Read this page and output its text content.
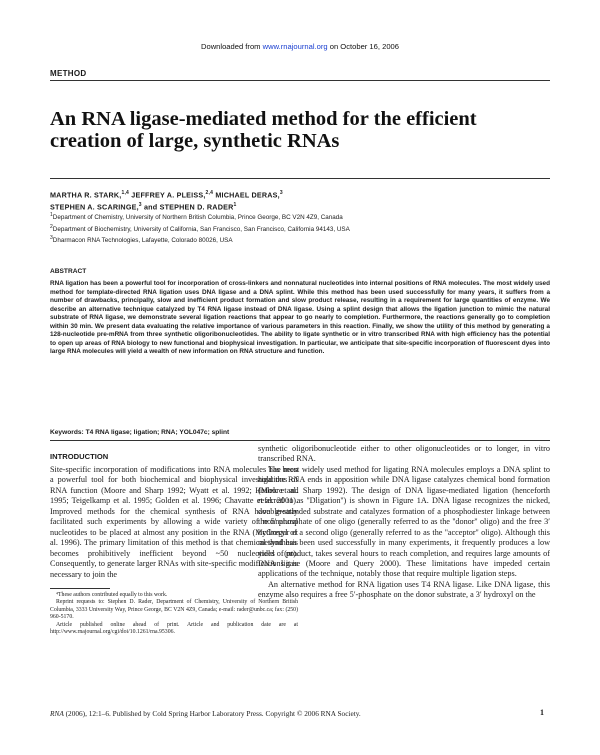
Downloaded from www.rnajournal.org on October 16, 2006
METHOD
An RNA ligase-mediated method for the efficient
creation of large, synthetic RNAs
MARTHA R. STARK,$^{1,4}$ JEFFREY A. PLEISS,$^{2,4}$ MICHAEL DERAS,$^3$
STEPHEN A. SCARINGE,$^3$ and STEPHEN D. RADER$^1$
$^1$Department of Chemistry, University of Northern British Columbia, Prince George, BC V2N 4Z9, Canada
$^2$Department of Biochemistry, University of California, San Francisco, San Francisco, California 94143, USA
$^3$Dharmacon RNA Technologies, Lafayette, Colorado 80026, USA
ABSTRACT
RNA ligation has been a powerful tool for incorporation of cross-linkers and nonnatural nucleotides into internal positions of RNA molecules. The most widely used method for template-directed RNA ligation uses DNA ligase and a DNA splint. While this method has been used successfully for many years, it suffers from a number of drawbacks, principally, slow and inefficient product formation and slow product release, resulting in a requirement for large quantities of enzyme. We describe an alternative technique catalyzed by T4 RNA ligase instead of DNA ligase. Using a splint design that allows the ligation junction to mimic the natural substrate of RNA ligase, we demonstrate several ligation reactions that appear to go nearly to completion. Furthermore, the reactions generally go to completion within 30 min. We present data evaluating the relative importance of various parameters in this reaction. Finally, we show the utility of this method by generating a 128-nucleotide pre-mRNA from three synthetic oligoribonucleotides. The ability to ligate synthetic or in vitro transcribed RNA with high efficiency has the potential to open up areas of RNA biology to new functional and biophysical investigation. In particular, we anticipate that site-specific incorporation of fluorescent dyes into large RNA molecules will yield a wealth of new information on RNA structure and function.
Keywords: T4 RNA ligase; ligation; RNA; YOL047c; splint
INTRODUCTION

Site-specific incorporation of modifications into RNA molecules has been a powerful tool for both biochemical and biophysical investigations of RNA function (Moore and Sharp 1992; Wyatt et al. 1992; Heilek et al. 1995; Teigelkamp et al. 1995; Golden et al. 1996; Chavatte et al. 2001). Improved methods for the chemical synthesis of RNA have greatly facilitated such experiments by allowing a wide variety of nonnatural nucleotides to be placed at almost any position in the RNA (McGregor et al. 1996). The primary limitation of this method is that chemical synthesis becomes prohibitively inefficient beyond ~50 nucleotides (nt). Consequently, to generate larger RNAs with site-specific modifications it is necessary to join the

synthetic oligoribonucleotide either to other oligonucleotides or to longer, in vitro transcribed RNA.

The most widely used method for ligating RNA molecules employs a DNA splint to hold the RNA ends in apposition while DNA ligase catalyzes chemical bond formation (Moore and Sharp 1992). The design of DNA ligase-mediated ligation (henceforth referred to as ''Dligation'') is shown in Figure 1A. DNA ligase recognizes the nicked, double-stranded substrate and catalyzes formation of a phosphodiester linkage between the 5′ phosphate of one oligo (generally referred to as the ''donor'' oligo) and the free 3′ hydroxyl of a second oligo (generally referred to as the ''acceptor'' oligo). Although this method has been used successfully in many experiments, it frequently produces a low yield of product, takes several hours to reach completion, and requires large amounts of DNA ligase (Moore and Query 2000). These limitations have impeded certain applications of the technique, notably those that require multiple ligation steps.

An alternative method for RNA ligation uses T4 RNA ligase. Like DNA ligase, this enzyme also requires a free 5′-phosphate on the donor substrate, a 3′ hydroxyl on the

⁴These authors contributed equally to this work.

Reprint requests to: Stephen D. Rader, Department of Chemistry, University of Northern British Columbia, 3333 University Way, Prince George, BC V2N 4Z9, Canada; e-mail: rader@unbc.ca; fax: (250) 960-5170.

Article published online ahead of print. Article and publication date are at http://www.rnajournal.org/cgi/doi/10.1261/rna.95306.

RNA (2006), 12:1–6. Published by Cold Spring Harbor Laboratory Press. Copyright © 2006 RNA Society.	1
